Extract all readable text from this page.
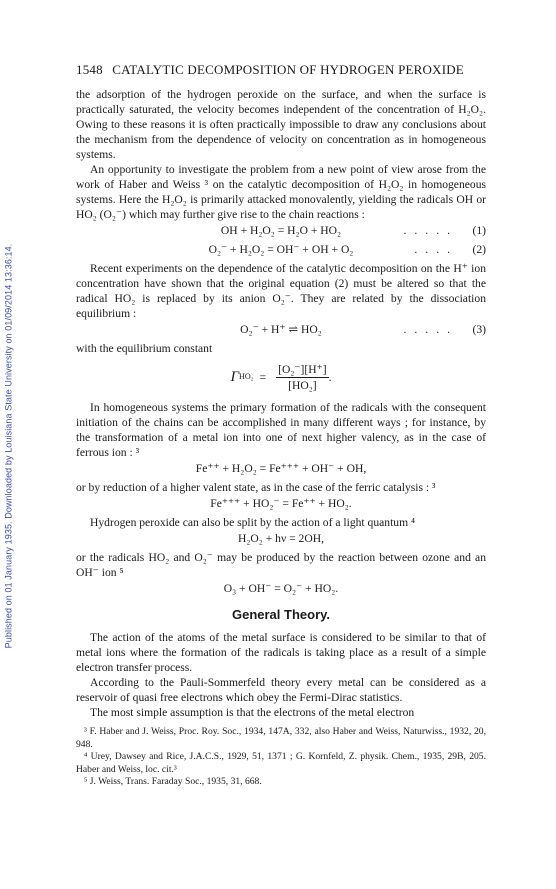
Published on 01 January 1935. Downloaded by Louisiana State University on 01/09/2014 13:36:14.
1548 CATALYTIC DECOMPOSITION OF HYDROGEN PEROXIDE

the adsorption of the hydrogen peroxide on the surface, and when the surface is practically saturated, the velocity becomes independent of the concentration of H₂O₂. Owing to these reasons it is often practically impossible to draw any conclusions about the mechanism from the dependence of velocity on concentration as in homogeneous systems.

An opportunity to investigate the problem from a new point of view arose from the work of Haber and Weiss ³ on the catalytic decomposition of H₂O₂ in homogeneous systems. Here the H₂O₂ is primarily attacked monovalently, yielding the radicals OH or HO₂ (O₂⁻) which may further give rise to the chain reactions :

OH + H₂O₂ = H₂O + HO₂	..... (1)
O₂⁻ + H₂O₂ = OH⁻ + OH + O₂	.... (2)

Recent experiments on the dependence of the catalytic decomposition on the H⁺ ion concentration have shown that the original equation (2) must be altered so that the radical HO₂ is replaced by its anion O₂⁻. They are related by the dissociation equilibrium :

O₂⁻ + H⁺ ⇌ HO₂	..... (3)

with the equilibrium constant

Γ $HO_2 = \frac{\text{[O₂⁻][H⁺]}}{\text{[HO₂]}}$ .

In homogeneous systems the primary formation of the radicals with the consequent initiation of the chains can be accomplished in many different ways ; for instance, by the transformation of a metal ion into one of next higher valency, as in the case of ferrous ion : ³

Fe⁺⁺ + H₂O₂ = Fe⁺⁺⁺ + OH⁻ + OH,

or by reduction of a higher valent state, as in the case of the ferric catalysis : ³

Fe⁺⁺⁺ + HO₂⁻ = Fe⁺⁺ + HO₂.

Hydrogen peroxide can also be split by the action of a light quantum ⁴

H₂O₂ + hν = 2OH,

or the radicals HO₂ and O₂⁻ may be produced by the reaction between ozone and an OH⁻ ion ⁵

O₃ + OH⁻ = O₂⁻ + HO₂.
General Theory.

The action of the atoms of the metal surface is considered to be similar to that of metal ions where the formation of the radicals is taking place as a result of a simple electron transfer process.

According to the Pauli-Sommerfeld theory every metal can be considered as a reservoir of quasi free electrons which obey the Fermi-Dirac statistics.

The most simple assumption is that the electrons of the metal electron

³ F. Haber and J. Weiss, Proc. Roy. Soc., 1934, 147A, 332, also Haber and Weiss, Naturwiss., 1932, 20, 948.

⁴ Urey, Dawsey and Rice, J.A.C.S., 1929, 51, 1371 ; G. Kornfeld, Z. physik. Chem., 1935, 29B, 205. Haber and Weiss, loc. cit.³

⁵ J. Weiss, Trans. Faraday Soc., 1935, 31, 668.
